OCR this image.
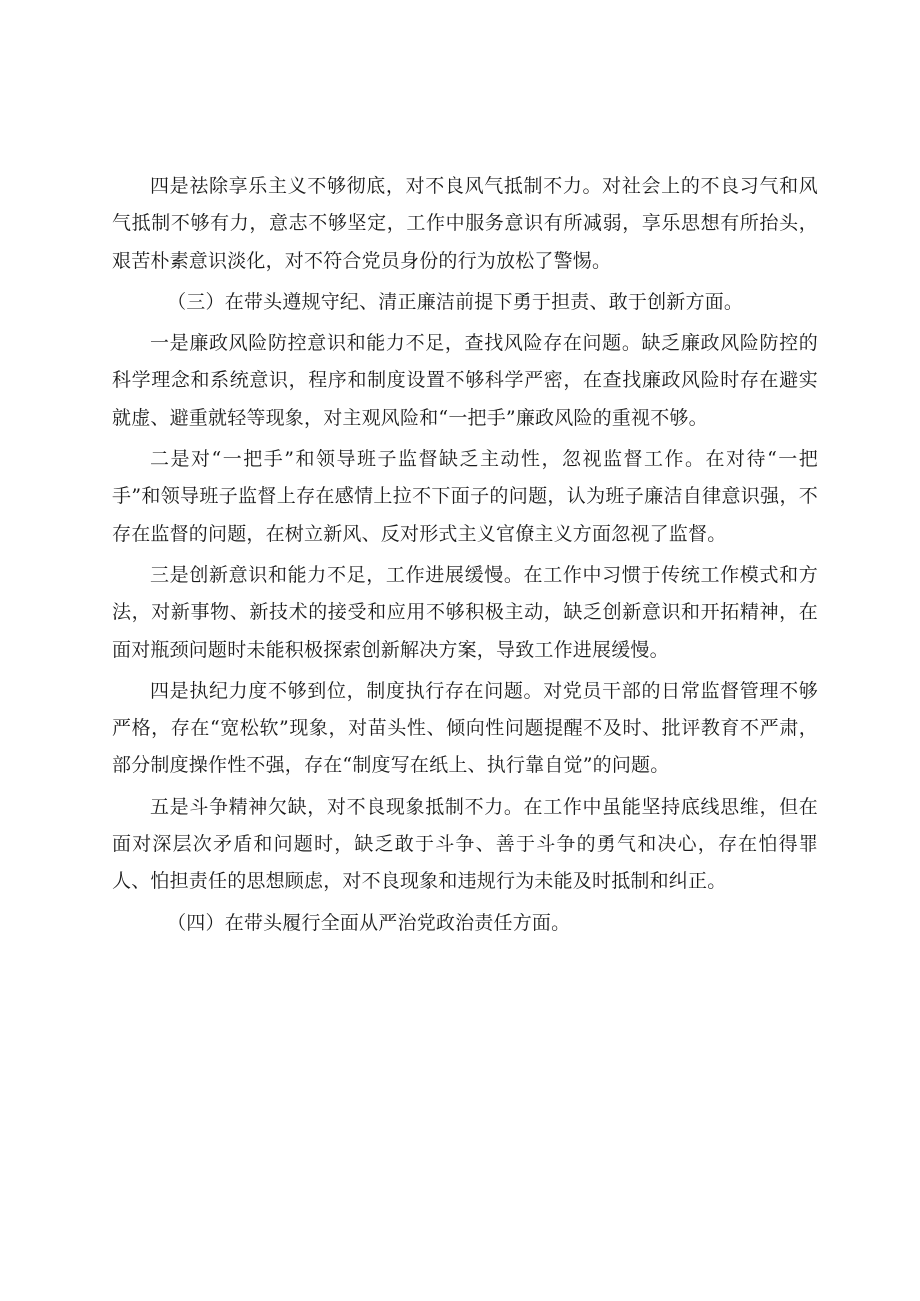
四是祛除享乐主义不够彻底，对不良风气抵制不力。对社会上的不良习气和风气抵制不够有力，意志不够坚定，工作中服务意识有所减弱，享乐思想有所抬头，艰苦朴素意识淡化，对不符合党员身份的行为放松了警惕。

（三）在带头遵规守纪、清正廉洁前提下勇于担责、敢于创新方面。

一是廉政风险防控意识和能力不足，查找风险存在问题。缺乏廉政风险防控的科学理念和系统意识，程序和制度设置不够科学严密，在查找廉政风险时存在避实就虚、避重就轻等现象，对主观风险和“一把手”廉政风险的重视不够。

二是对“一把手”和领导班子监督缺乏主动性，忽视监督工作。在对待“一把手”和领导班子监督上存在感情上拉不下面子的问题，认为班子廉洁自律意识强，不存在监督的问题，在树立新风、反对形式主义官僚主义方面忽视了监督。

三是创新意识和能力不足，工作进展缓慢。在工作中习惯于传统工作模式和方法，对新事物、新技术的接受和应用不够积极主动，缺乏创新意识和开拓精神，在面对瓶颈问题时未能积极探索创新解决方案，导致工作进展缓慢。

四是执纪力度不够到位，制度执行存在问题。对党员干部的日常监督管理不够严格，存在“宽松软”现象，对苗头性、倾向性问题提醒不及时、批评教育不严肃，部分制度操作性不强，存在“制度写在纸上、执行靠自觉”的问题。

五是斗争精神欠缺，对不良现象抵制不力。在工作中虽能坚持底线思维，但在面对深层次矛盾和问题时，缺乏敢于斗争、善于斗争的勇气和决心，存在怕得罪人、怕担责任的思想顾虑，对不良现象和违规行为未能及时抵制和纠正。

（四）在带头履行全面从严治党政治责任方面。
